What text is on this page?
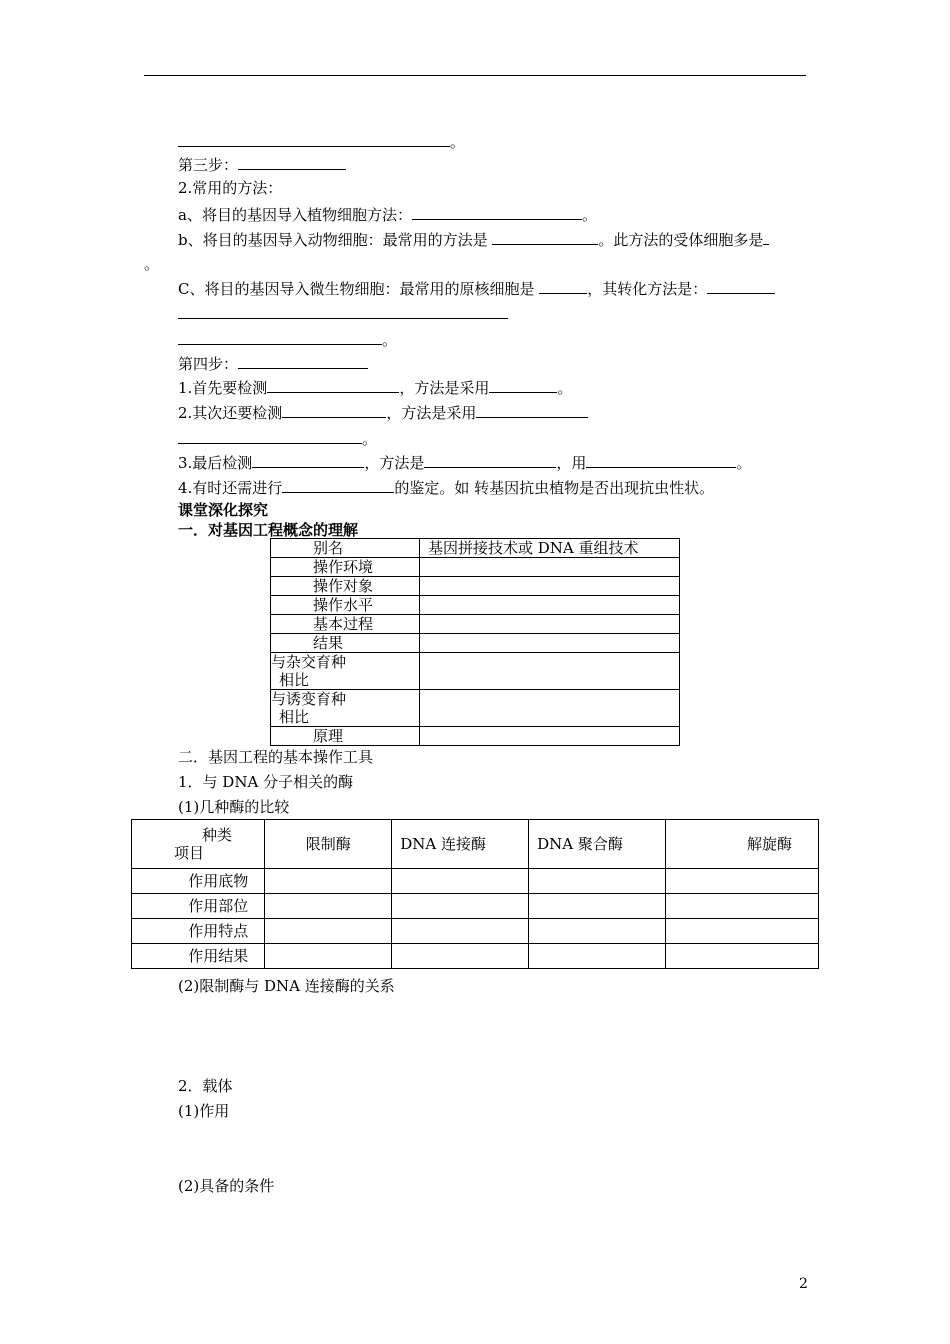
。
第三步：
2.常用的方法：
a、将目的基因导入植物细胞方法：	。
b、将目的基因导入动物细胞：最常用的方法是	。此方法的受体细胞多是
。
C、将目的基因导入微生物细胞：最常用的原核细胞是	，其转化方法是：
。
第四步：
1.首先要检测	，方法是采用	。
2.其次还要检测	，方法是采用
。
3.最后检测	，方法是	，用	。
4.有时还需进行	的鉴定。如 转基因抗虫植物是否出现抗虫性状。
课堂深化探究
一．对基因工程概念的理解
别名	基因拼接技术或 DNA 重组技术
操作环境	
操作对象	
操作水平	
基本过程	
结果	

与杂交育种
相比	

与诱变育种
相比	

原理	
二．基因工程的基本操作工具
1．与 DNA 分子相关的酶
(1)几种酶的比较
种类
项目	限制酶	DNA 连接酶	DNA 聚合酶	解旋酶
作用底物				
作用部位				
作用特点				
作用结果				
(2)限制酶与 DNA 连接酶的关系
2．载体
(1)作用
(2)具备的条件
2
